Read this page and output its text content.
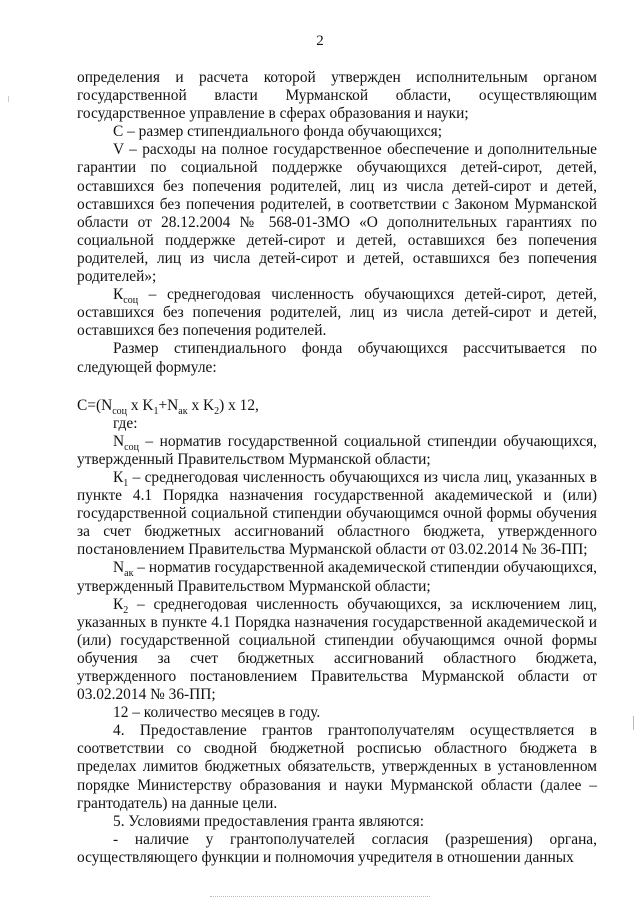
2

определения и расчета которой утвержден исполнительным органом государственной власти Мурманской области, осуществляющим государственное управление в сферах образования и науки;

С – размер стипендиального фонда обучающихся;

V – расходы на полное государственное обеспечение и дополнительные гарантии по социальной поддержке обучающихся детей-сирот, детей, оставшихся без попечения родителей, лиц из числа детей-сирот и детей, оставшихся без попечения родителей, в соответствии с Законом Мурманской области от 28.12.2004 № 568-01-ЗМО «О дополнительных гарантиях по социальной поддержке детей-сирот и детей, оставшихся без попечения родителей, лиц из числа детей-сирот и детей, оставшихся без попечения родителей»;

$К_{соц}$ – среднегодовая численность обучающихся детей-сирот, детей, оставшихся без попечения родителей, лиц из числа детей-сирот и детей, оставшихся без попечения родителей.

Размер стипендиального фонда обучающихся рассчитывается по следующей формуле:

$С=(N_{соц}$ x $K_1+N_{ак}$ x $K_2$) x 12,

где:

$N_{соц}$ – норматив государственной социальной стипендии обучающихся, утвержденный Правительством Мурманской области;

$К_1$ – среднегодовая численность обучающихся из числа лиц, указанных в пункте 4.1 Порядка назначения государственной академической и (или) государственной социальной стипендии обучающимся очной формы обучения за счет бюджетных ассигнований областного бюджета, утвержденного постановлением Правительства Мурманской области от 03.02.2014 № 36-ПП;

$N_{ак}$ – норматив государственной академической стипендии обучающихся, утвержденный Правительством Мурманской области;

$К_2$ – среднегодовая численность обучающихся, за исключением лиц, указанных в пункте 4.1 Порядка назначения государственной академической и (или) государственной социальной стипендии обучающимся очной формы обучения за счет бюджетных ассигнований областного бюджета, утвержденного постановлением Правительства Мурманской области от 03.02.2014 № 36-ПП;

12 – количество месяцев в году.

4. Предоставление грантов грантополучателям осуществляется в соответствии со сводной бюджетной росписью областного бюджета в пределах лимитов бюджетных обязательств, утвержденных в установленном порядке Министерству образования и науки Мурманской области (далее – грантодатель) на данные цели.

5. Условиями предоставления гранта являются:

- наличие у грантополучателей согласия (разрешения) органа, осуществляющего функции и полномочия учредителя в отношении данных
